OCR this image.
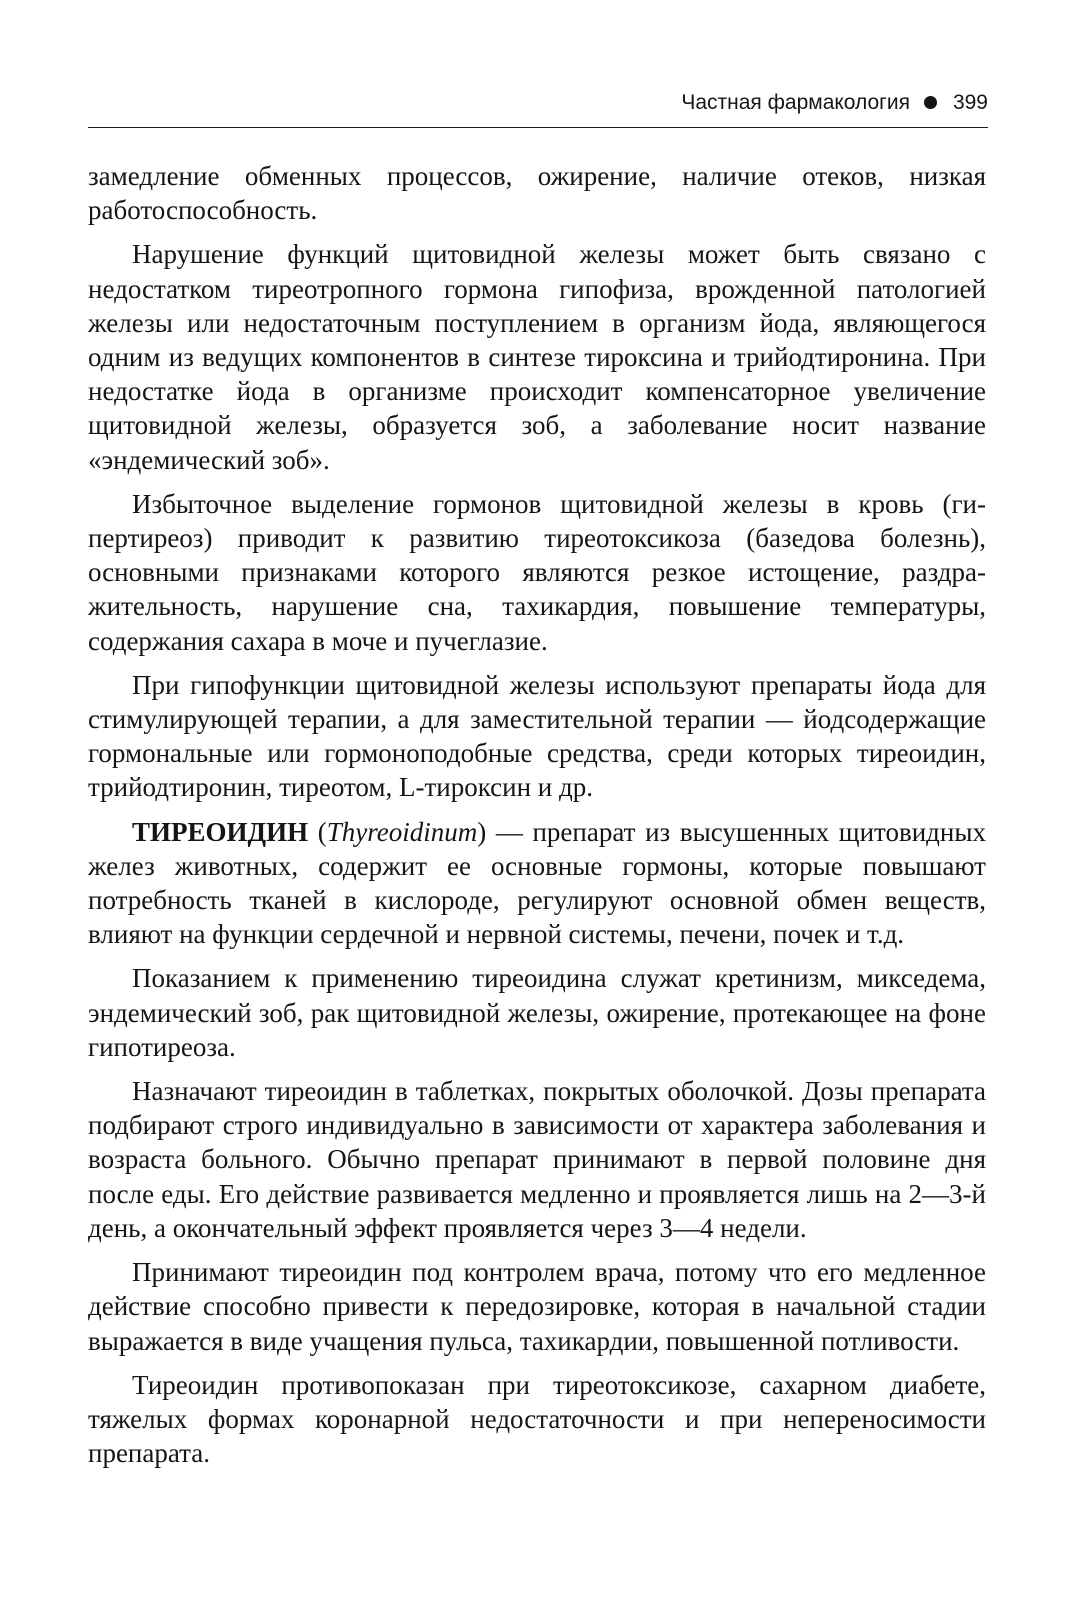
Частная фармакология 399

замедление обменных процессов, ожирение, наличие отеков, низкая работоспособность.

Нарушение функций щитовидной железы может быть связано с недостатком тиреотропного гормона гипофиза, врожденной патологией железы или недостаточным поступлением в организм йода, являющегося одним из ведущих компонентов в синтезе тироксина и трийодтиронина. При недостатке йода в организме происходит компенсаторное увеличение щитовидной железы, образуется зоб, а заболевание носит название «эндемический зоб».

Избыточное выделение гормонов щитовидной железы в кровь (гипертиреоз) приводит к развитию тиреотоксикоза (базедова болезнь), основными признаками которого являются резкое истощение, раздражительность, нарушение сна, тахикардия, повышение температуры, содержания сахара в моче и пучеглазие.

При гипофункции щитовидной железы используют препараты йода для стимулирующей терапии, а для заместительной терапии — йодсодержащие гормональные или гормоноподобные средства, среди которых тиреоидин, трийодтиронин, тиреотом, L-тироксин и др.

ТИРЕОИДИН (Thyreoidinum) — препарат из высушенных щитовидных желез животных, содержит ее основные гормоны, которые повышают потребность тканей в кислороде, регулируют основной обмен веществ, влияют на функции сердечной и нервной системы, печени, почек и т.д.

Показанием к применению тиреоидина служат кретинизм, микседема, эндемический зоб, рак щитовидной железы, ожирение, протекающее на фоне гипотиреоза.

Назначают тиреоидин в таблетках, покрытых оболочкой. Дозы препарата подбирают строго индивидуально в зависимости от характера заболевания и возраста больного. Обычно препарат принимают в первой половине дня после еды. Его действие развивается медленно и проявляется лишь на 2—3-й день, а окончательный эффект проявляется через 3—4 недели.

Принимают тиреоидин под контролем врача, потому что его медленное действие способно привести к передозировке, которая в начальной стадии выражается в виде учащения пульса, тахикардии, повышенной потливости.

Тиреоидин противопоказан при тиреотоксикозе, сахарном диабете, тяжелых формах коронарной недостаточности и при непереносимости препарата.
